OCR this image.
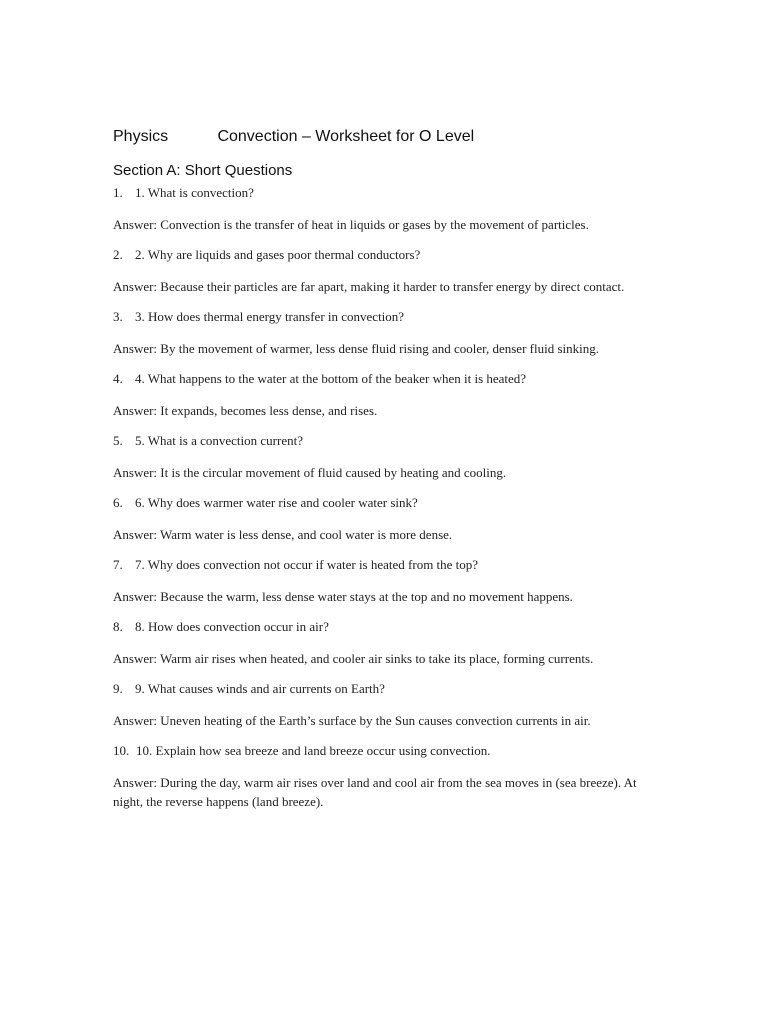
Physics	Convection – Worksheet for O Level
Section A: Short Questions
1. 1. What is convection?
Answer: Convection is the transfer of heat in liquids or gases by the movement of particles.
2. 2. Why are liquids and gases poor thermal conductors?
Answer: Because their particles are far apart, making it harder to transfer energy by direct contact.
3. 3. How does thermal energy transfer in convection?
Answer: By the movement of warmer, less dense fluid rising and cooler, denser fluid sinking.
4. 4. What happens to the water at the bottom of the beaker when it is heated?
Answer: It expands, becomes less dense, and rises.
5. 5. What is a convection current?
Answer: It is the circular movement of fluid caused by heating and cooling.
6. 6. Why does warmer water rise and cooler water sink?
Answer: Warm water is less dense, and cool water is more dense.
7. 7. Why does convection not occur if water is heated from the top?
Answer: Because the warm, less dense water stays at the top and no movement happens.
8. 8. How does convection occur in air?
Answer: Warm air rises when heated, and cooler air sinks to take its place, forming currents.
9. 9. What causes winds and air currents on Earth?
Answer: Uneven heating of the Earth’s surface by the Sun causes convection currents in air.
10. 10. Explain how sea breeze and land breeze occur using convection.
Answer: During the day, warm air rises over land and cool air from the sea moves in (sea breeze). At night, the reverse happens (land breeze).
